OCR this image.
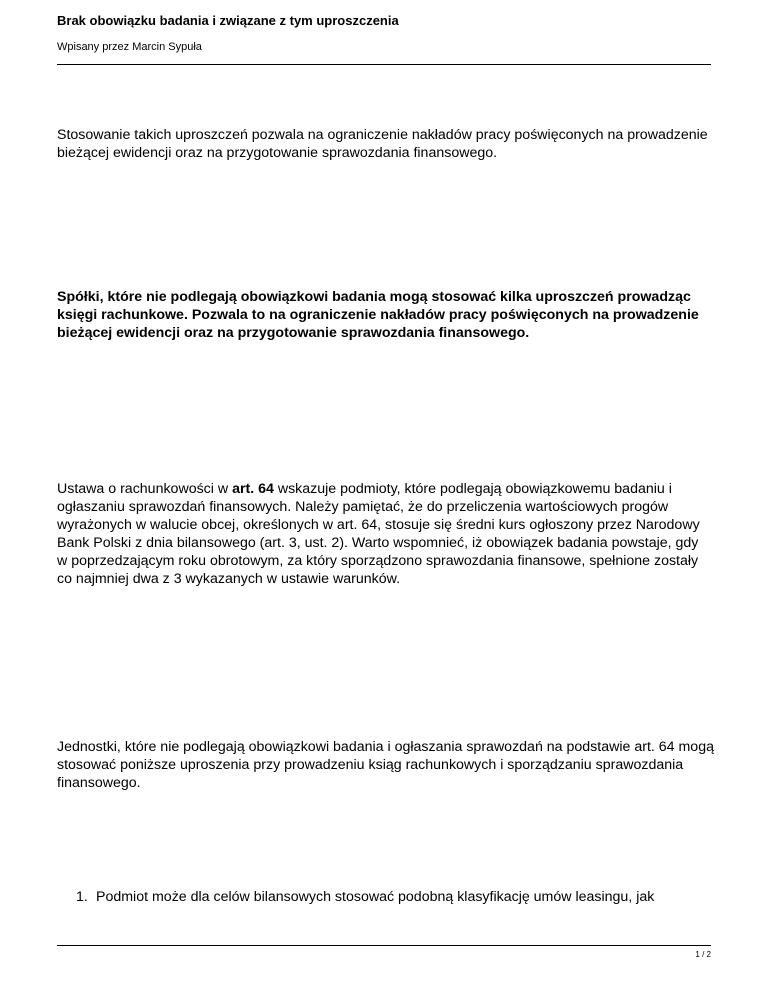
Brak obowiązku badania i związane z tym uproszczenia
Wpisany przez Marcin Sypuła

Stosowanie takich uproszczeń pozwala na ograniczenie nakładów pracy poświęconych na prowadzenie bieżącej ewidencji oraz na przygotowanie sprawozdania finansowego.

Spółki, które nie podlegają obowiązkowi badania mogą stosować kilka uproszczeń prowadząc księgi rachunkowe. Pozwala to na ograniczenie nakładów pracy poświęconych na prowadzenie bieżącej ewidencji oraz na przygotowanie sprawozdania finansowego.

Ustawa o rachunkowości w art. 64 wskazuje podmioty, które podlegają obowiązkowemu badaniu i ogłaszaniu sprawozdań finansowych. Należy pamiętać, że do przeliczenia wartościowych progów wyrażonych w walucie obcej, określonych w art. 64, stosuje się średni kurs ogłoszony przez Narodowy Bank Polski z dnia bilansowego (art. 3, ust. 2). Warto wspomnieć, iż obowiązek badania powstaje, gdy w poprzedzającym roku obrotowym, za który sporządzono sprawozdania finansowe, spełnione zostały co najmniej dwa z 3 wykazanych w ustawie warunków.

Jednostki, które nie podlegają obowiązkowi badania i ogłaszania sprawozdań na podstawie art. 64 mogą stosować poniższe uproszenia przy prowadzeniu ksiąg rachunkowych i sporządzaniu sprawozdania finansowego.

1. Podmiot może dla celów bilansowych stosować podobną klasyfikację umów leasingu, jak
1 / 2
